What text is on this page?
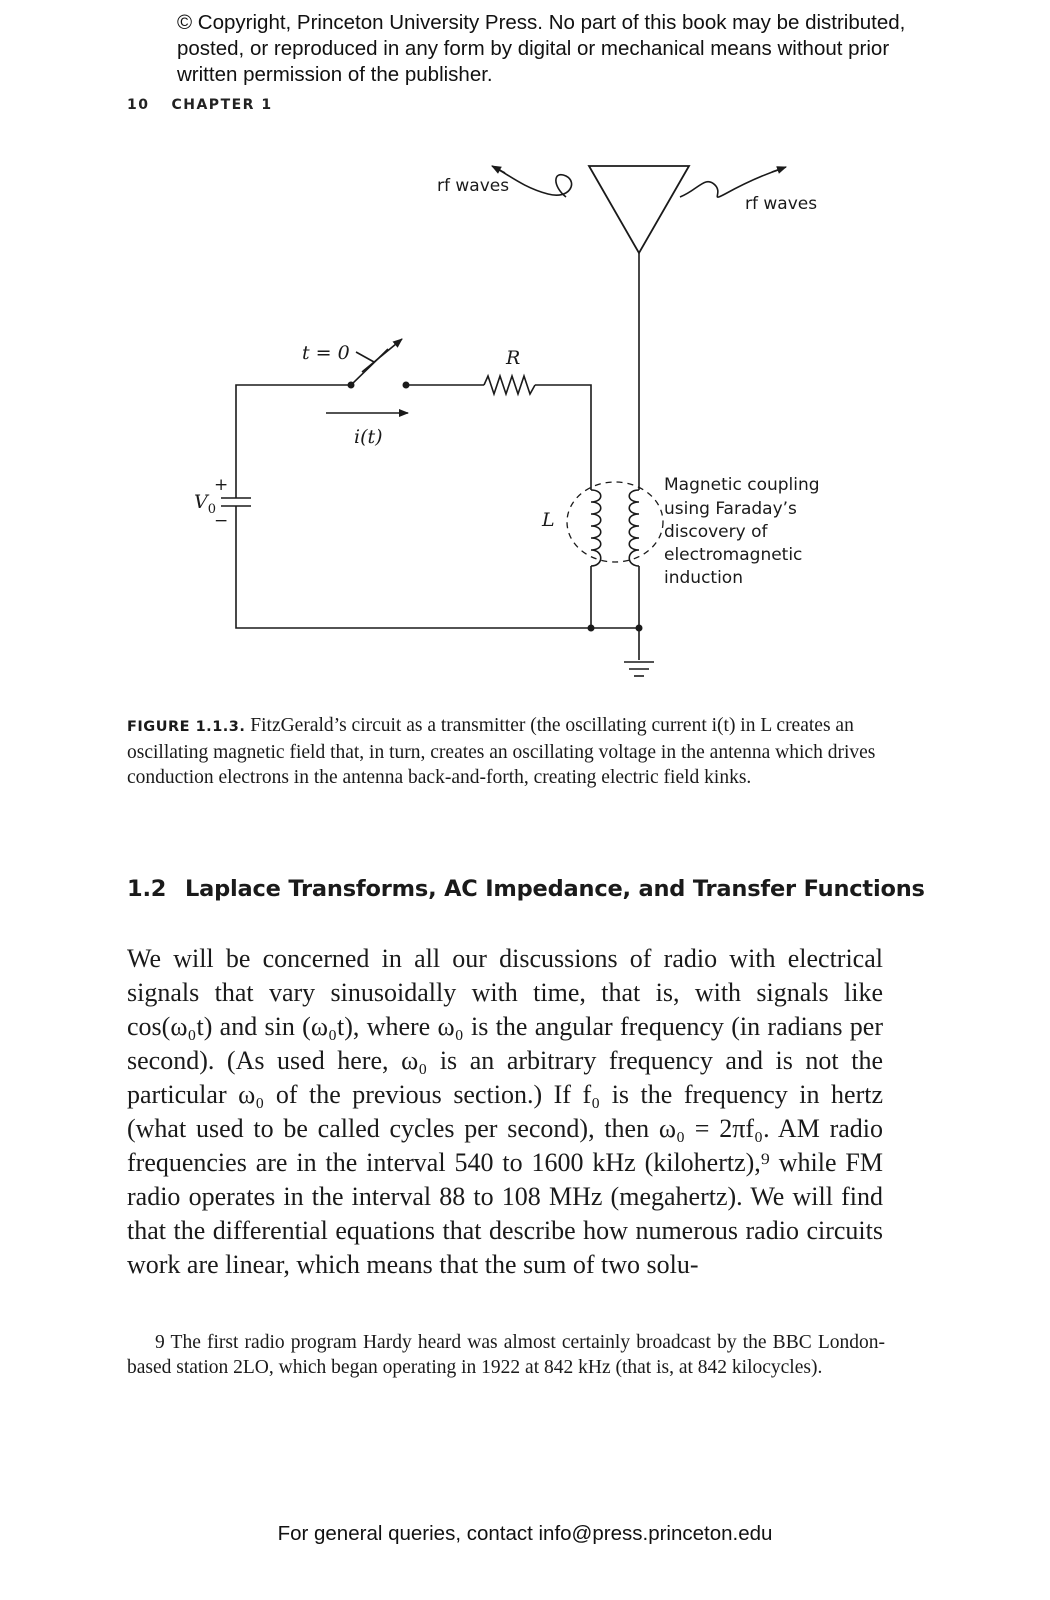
© Copyright, Princeton University Press. No part of this book may be distributed, posted, or reproduced in any form by digital or mechanical means without prior written permission of the publisher.
10 CHAPTER 1
rf waves
rf waves
t = 0	R
i(t)
+
−
$V_0$	L
Magnetic coupling
using Faraday’s
discovery of
electromagnetic
induction
FIGURE 1.1.3. FitzGerald’s circuit as a transmitter (the oscillating current i(t) in L creates an oscillating magnetic field that, in turn, creates an oscillating voltage in the antenna which drives conduction electrons in the antenna back-and-forth, creating electric field kinks.
1.2 Laplace Transforms, AC Impedance, and Transfer Functions
We will be concerned in all our discussions of radio with electrical signals that vary sinusoidally with time, that is, with signals like cos(ω₀t) and sin (ω₀t), where ω₀ is the angular frequency (in radians per second). (As used here, ω₀ is an arbitrary frequency and is not the particular ω₀ of the previous section.) If f₀ is the frequency in hertz (what used to be called cycles per second), then ω₀ = 2πf₀. AM radio frequencies are in the interval 540 to 1600 kHz (kilohertz),⁹ while FM radio operates in the interval 88 to 108 MHz (megahertz). We will find that the differential equations that describe how numerous radio circuits work are linear, which means that the sum of two solu-
9 The first radio program Hardy heard was almost certainly broadcast by the BBC London-based station 2LO, which began operating in 1922 at 842 kHz (that is, at 842 kilocycles).
For general queries, contact info@press.princeton.edu
